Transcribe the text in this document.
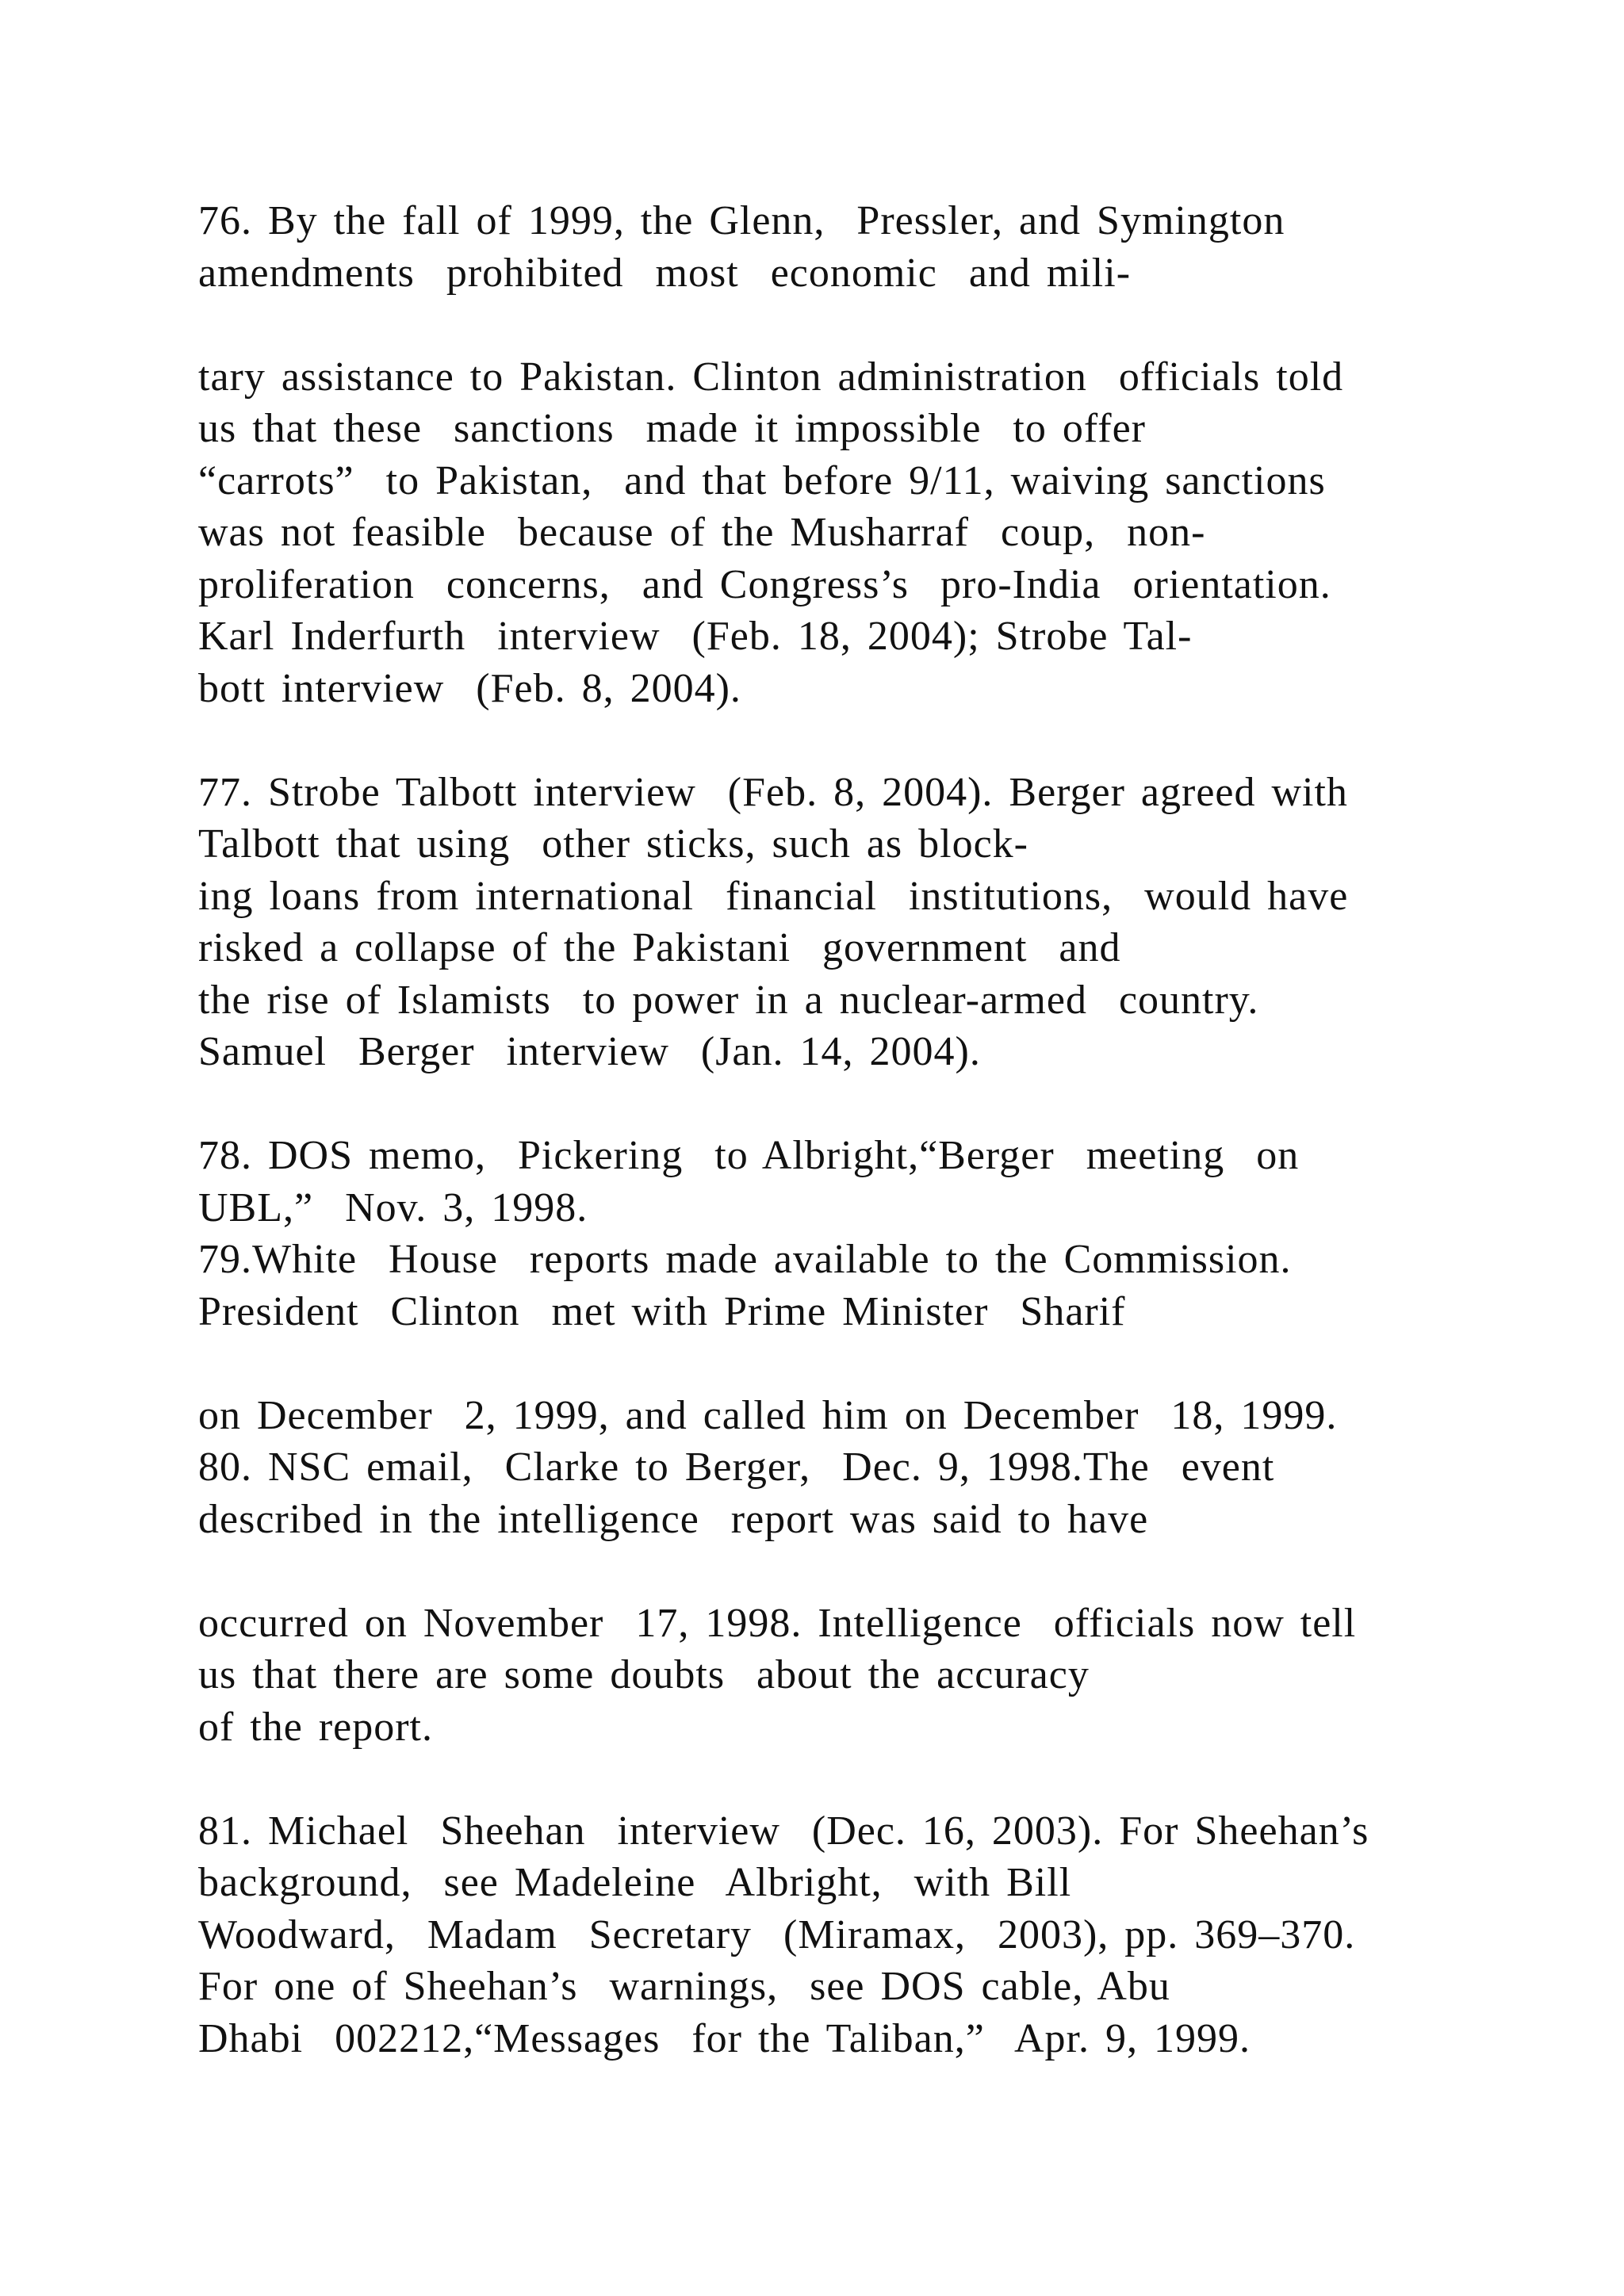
76. By the fall of 1999, the Glenn,  Pressler, and Symington
amendments  prohibited  most  economic  and mili-
tary assistance to Pakistan. Clinton administration  officials told
us that these  sanctions  made it impossible  to offer
“carrots”  to Pakistan,  and that before 9/11, waiving sanctions
was not feasible  because of the Musharraf  coup,  non-
proliferation  concerns,  and Congress’s  pro-India  orientation.
Karl Inderfurth  interview  (Feb. 18, 2004); Strobe Tal-
bott interview  (Feb. 8, 2004).
77. Strobe Talbott interview  (Feb. 8, 2004). Berger agreed with
Talbott that using  other sticks, such as block-
ing loans from international  financial  institutions,  would have
risked a collapse of the Pakistani  government  and
the rise of Islamists  to power in a nuclear-armed  country.
Samuel  Berger  interview  (Jan. 14, 2004).
78. DOS memo,  Pickering  to Albright,“Berger  meeting  on
UBL,”  Nov. 3, 1998.
79.White  House  reports made available to the Commission.
President  Clinton  met with Prime Minister  Sharif
on December  2, 1999, and called him on December  18, 1999.
80. NSC email,  Clarke to Berger,  Dec. 9, 1998.The  event
described in the intelligence  report was said to have
occurred on November  17, 1998. Intelligence  officials now tell
us that there are some doubts  about the accuracy
of the report.
81. Michael  Sheehan  interview  (Dec. 16, 2003). For Sheehan’s
background,  see Madeleine  Albright,  with Bill
Woodward,  Madam  Secretary  (Miramax,  2003), pp. 369–370.
For one of Sheehan’s  warnings,  see DOS cable, Abu
Dhabi  002212,“Messages  for the Taliban,”  Apr. 9, 1999.
